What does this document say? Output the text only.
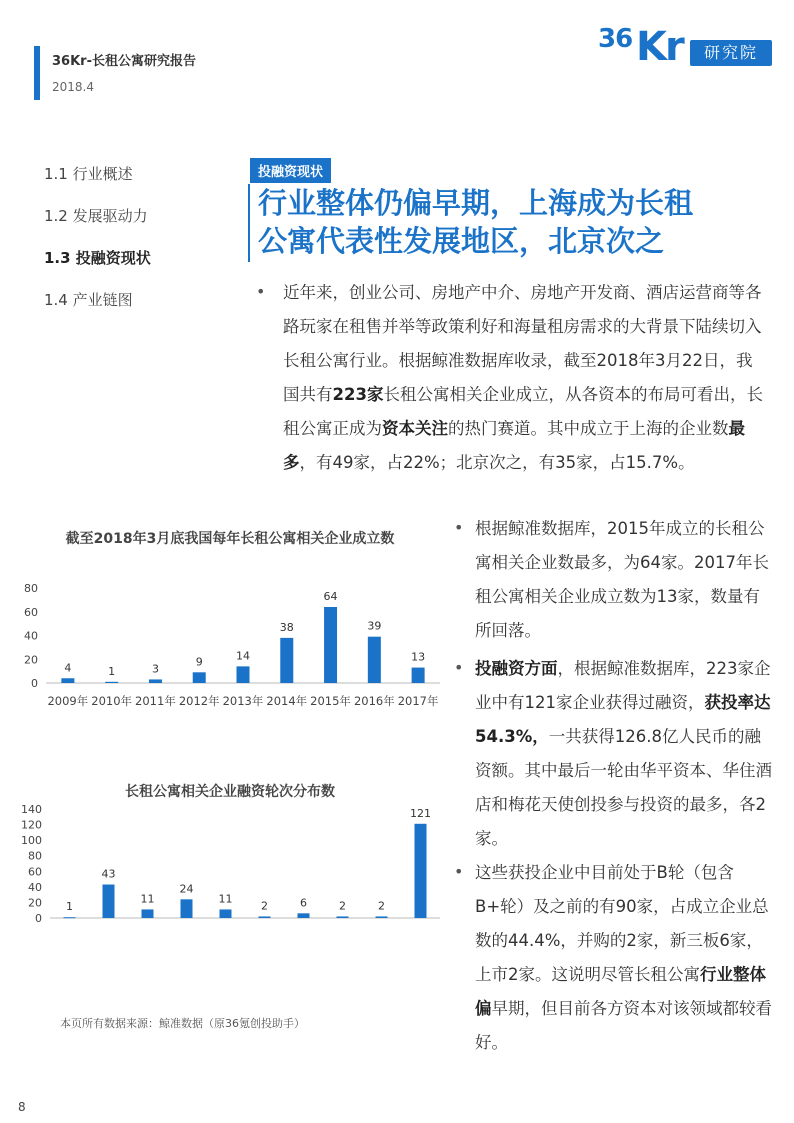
36Kr-长租公寓研究报告
2018.4
36 Kr	研究院
1.1 行业概述
1.2 发展驱动力
1.3 投融资现状
1.4 产业链图
投融资现状
行业整体仍偏早期，上海成为长租
公寓代表性发展地区，北京次之
• 近年来，创业公司、房地产中介、房地产开发商、酒店运营商等各路玩家在租售并举等政策利好和海量租房需求的大背景下陆续切入长租公寓行业。根据鲸准数据库收录，截至2018年3月22日，我国共有223家长租公寓相关企业成立，从各资本的布局可看出，长租公寓正成为资本关注的热门赛道。其中成立于上海的企业数最多，有49家，占22%；北京次之，有35家，占15.7%。
• 根据鲸准数据库，2015年成立的长租公寓相关企业数最多，为64家。2017年长租公寓相关企业成立数为13家，数量有所回落。
• 投融资方面，根据鲸准数据库，223家企业中有121家企业获得过融资，获投率达54.3%，一共获得126.8亿人民币的融资额。其中最后一轮由华平资本、华住酒店和梅花天使创投参与投资的最多，各2家。
• 这些获投企业中目前处于B轮（包含B+轮）及之前的有90家，占成立企业总数的44.4%，并购的2家，新三板6家，上市2家。这说明尽管长租公寓行业整体偏早期，但目前各方资本对该领域都较看好。
截至2018年3月底我国每年长租公寓相关企业成立数
0
20
40
60
80
4
2009年
1
2010年
3
2011年
9
2012年
14
2013年
38
2014年
64
2015年
39
2016年
13
2017年
长租公寓相关企业融资轮次分布数
0
20
40
60
80
100
120
140
1
43
11
24
11
2	6	2	2
121
本页所有数据来源：鲸准数据（原36氪创投助手）
8
